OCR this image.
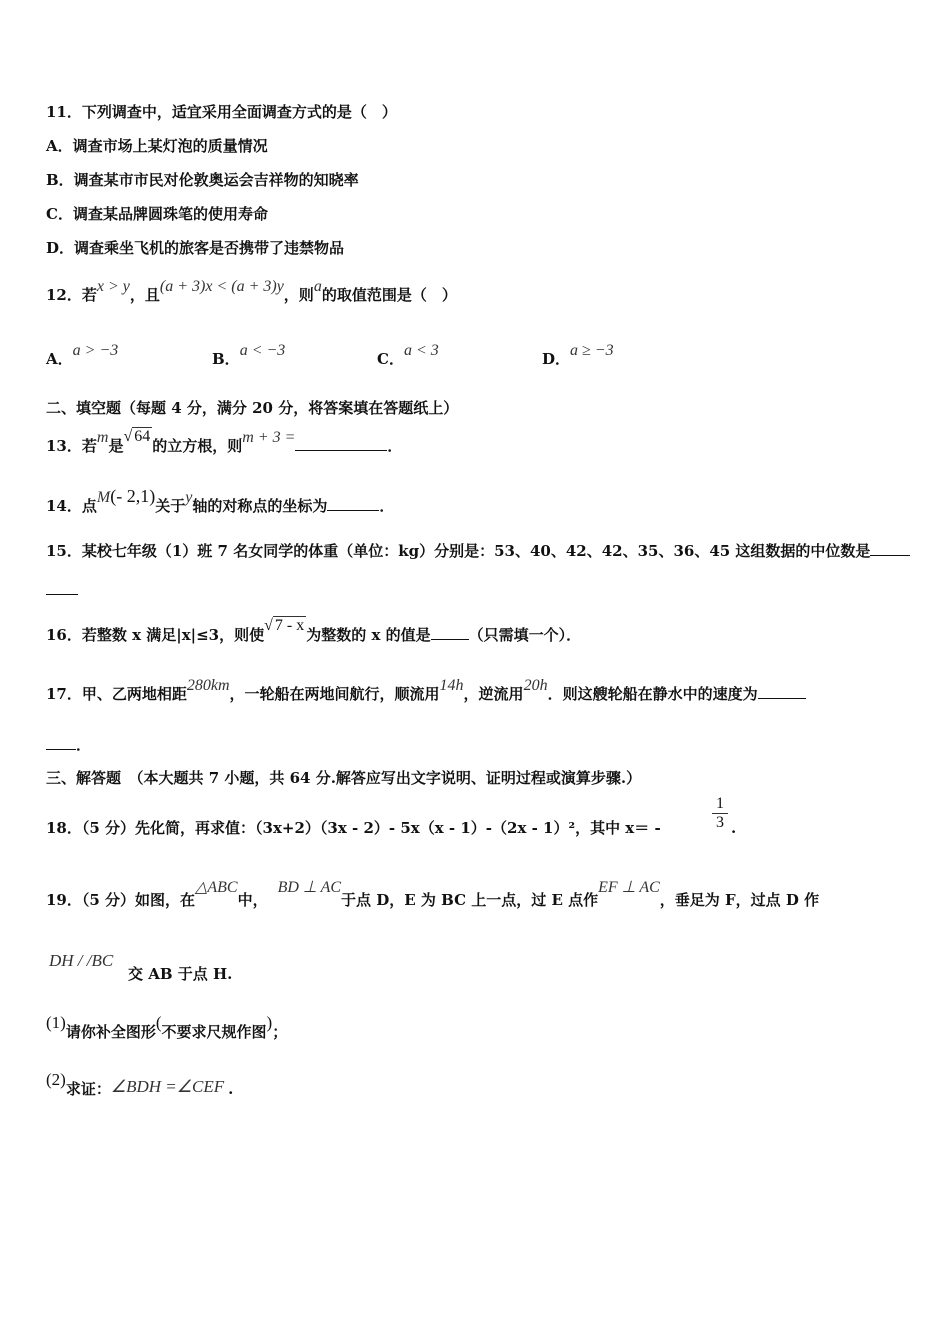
11．下列调查中，适宜采用全面调查方式的是（　）
A．调查市场上某灯泡的质量情况
B．调查某市市民对伦敦奥运会吉祥物的知晓率
C．调查某品牌圆珠笔的使用寿命
D．调查乘坐飞机的旅客是否携带了违禁物品
12．若x > y，且(a + 3)x < (a + 3)y，则a的取值范围是（　）
A．a > −3	B．a < −3	C．a < 3	D．a ≥ −3
二、填空题（每题 4 分，满分 20 分，将答案填在答题纸上）
13．若m是√ 64的立方根，则m + 3 =	．
14．点M(- 2,1)关于y轴的对称点的坐标为	．
15．某校七年级（1）班 7 名女同学的体重（单位：kg）分别是：53、40、42、42、35、36、45 这组数据的中位数是
16．若整数 x 满足|x|≤3，则使√ 7 - x为整数的 x 的值是	（只需填一个）．
17．甲、乙两地相距280km，一轮船在两地间航行，顺流用14h，逆流用20h．则这艘轮船在静水中的速度为
．
三、解答题　（本大题共 7 小题，共 64 分.解答应写出文字说明、证明过程或演算步骤.）
18．（5 分）先化简，再求值：（3x+2）（3x - 2）- 5x（x - 1）-（2x - 1）²，其中 x＝ -	$\frac{1}{3}$ .
19．（5 分）如图，在△ABC中，BD ⊥ AC于点 D，E 为 BC 上一点，过 E 点作EF ⊥ AC，垂足为 F，过点 D 作
DH / /BC
交 AB 于点 H.
(1)请你补全图形(不要求尺规作图)；
(2)求证：∠BDH =∠CEF .
